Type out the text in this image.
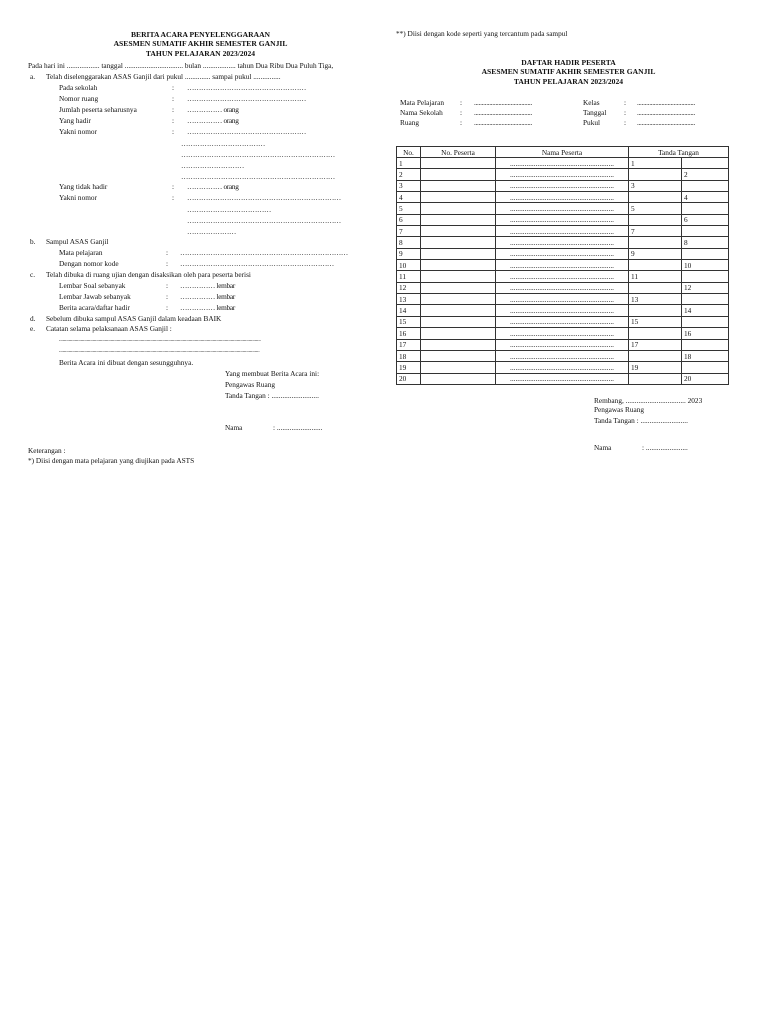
BERITA ACARA PENYELENGGARAAN
ASESMEN SUMATIF AKHIR SEMESTER GANJIL
TAHUN PELAJARAN 2023/2024
Pada hari ini .................. tanggal ................................ bulan .................. tahun Dua Ribu Dua Puluh Tiga,
a. Telah diselenggarakan ASAS Ganjil dari pukul .............. sampai pukul ...............
Pada sekolah	: ……………………………………………
Nomor ruang	: ……………………………………………
Jumlah peserta seharusnya	: …………… orang
Yang hadir	: …………… orang
Yakni nomor	: ……………………………………………
………………………………
…………………………………………………………
………………………
…………………………………………………………
Yang tidak hadir	: …………… orang
Yakni nomor	: …………………………………………………………
………………………………
…………………………………………………………
…………………
b. Sampul ASAS Ganjil
Mata pelajaran	: ………………………………………………………………
Dengan nomor kode	: …………………………………………………………
c. Telah dibuka di ruang ujian dengan disaksikan oleh para peserta berisi
Lembar Soal sebanyak	: …………… lembar
Lembar Jawab sebanyak	: …………… lembar
Berita acara/daftar hadir	: …………… lembar
d. Sebelum dibuka sampul ASAS Ganjil dalam keadaan BAIK
e. Catatan selama pelaksanaan ASAS Ganjil :
........................................................................................................................................................................
.......................................................................................................................................................................
Berita Acara ini dibuat dengan sesungguhnya.
Yang membuat Berita Acara ini:
Pengawas Ruang
Tanda Tangan : ..........................
Nama	: .........................
Keterangan :
*) Diisi dengan mata pelajaran yang diujikan pada ASTS
**) Diisi dengan kode seperti yang tercantum pada sampul
DAFTAR HADIR PESERTA
ASESMEN SUMATIF AKHIR SEMESTER GANJIL
TAHUN PELAJARAN 2023/2024
Mata Pelajaran : ......................................
Nama Sekolah : ......................................
Ruang	: ......................................
Kelas	: ......................................
Tanggal : ......................................
Pukul	: ......................................
No.	No. Peserta	Nama Peserta	Tanda Tangan	
1		.........................................................	1	
2		.........................................................		2
3		.........................................................	3	
4		.........................................................		4
5		.........................................................	5	
6		.........................................................		6
7		.........................................................	7	
8		.........................................................		8
9		.........................................................	9	
10		.........................................................		10
11		.........................................................	11	
12		.........................................................		12
13		.........................................................	13	
14		.........................................................		14
15		.........................................................	15	
16		.........................................................		16
17		.........................................................	17	
18		.........................................................		18
19		.........................................................	19	
20		.........................................................		20
Rembang, ................................. 2023
Pengawas Ruang
Tanda Tangan : ..........................
Nama	: .......................
